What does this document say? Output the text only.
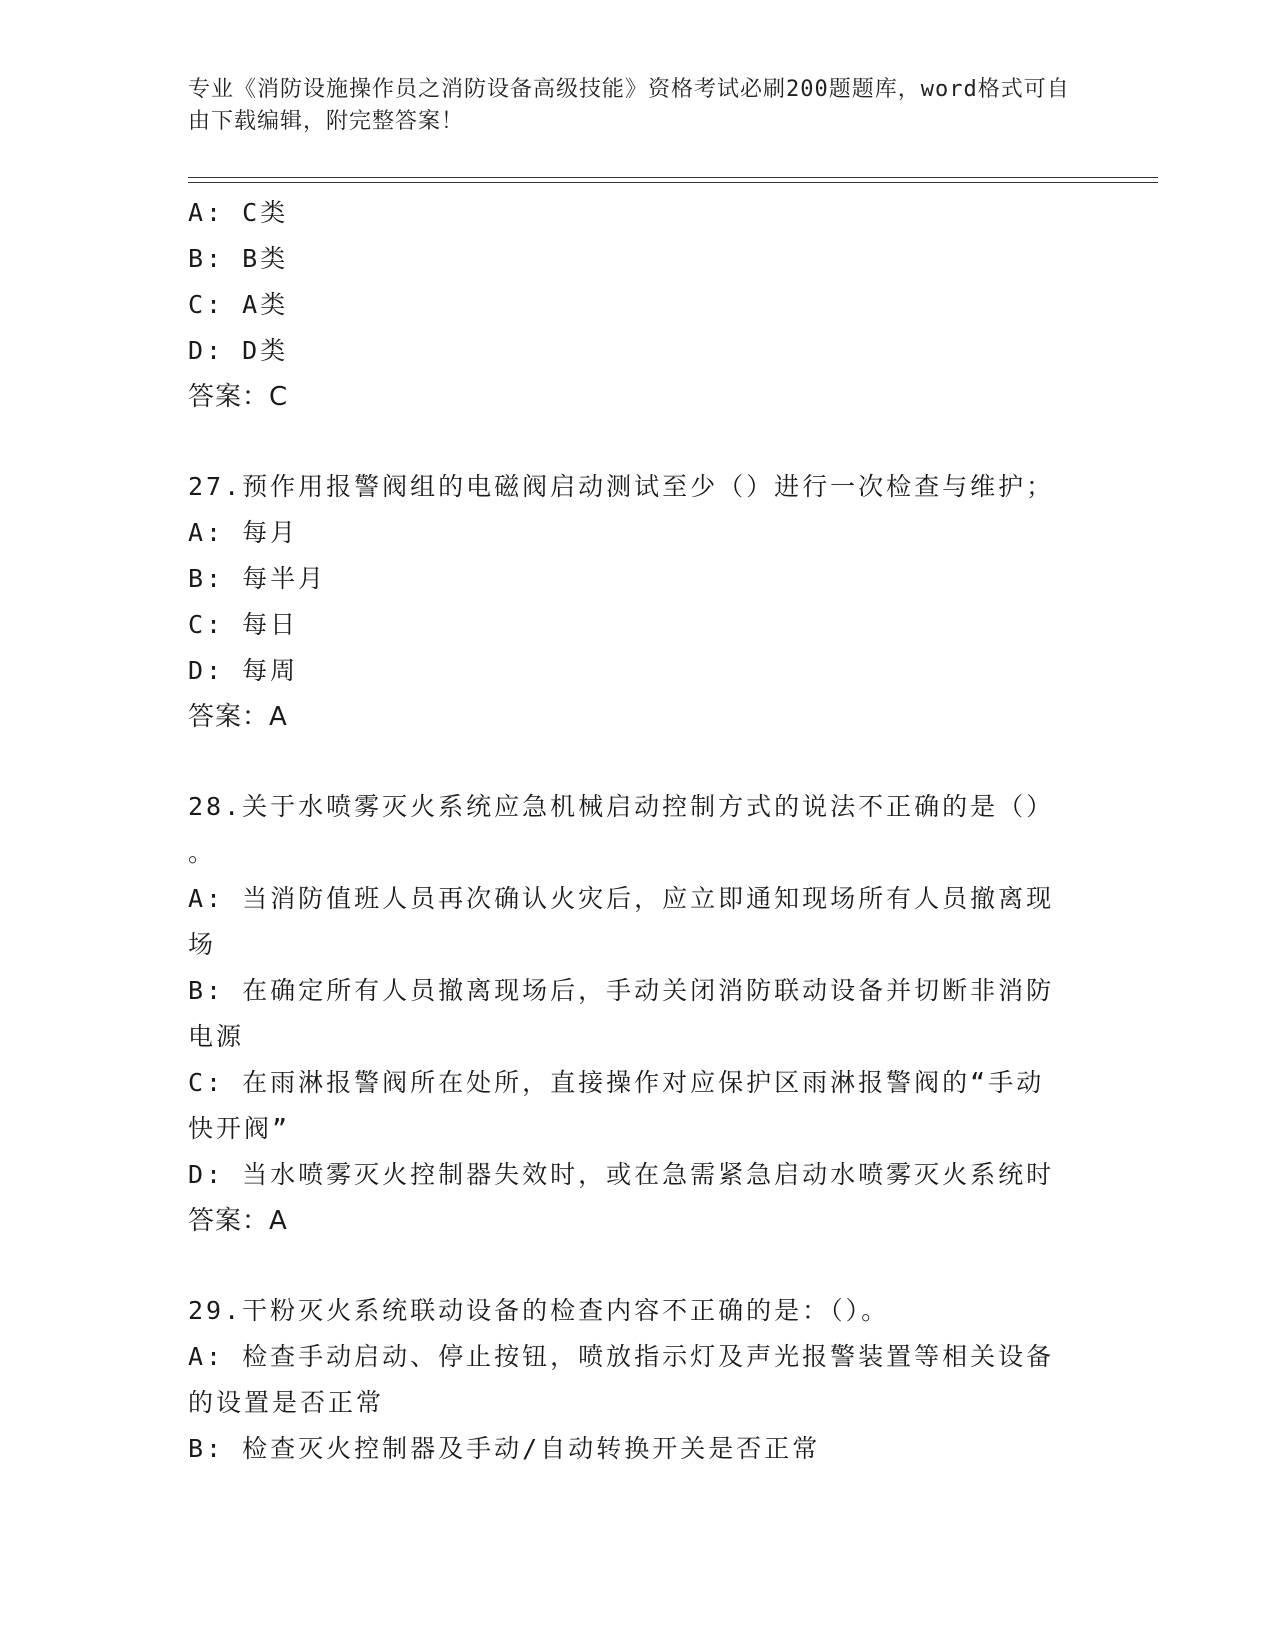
专业《消防设施操作员之消防设备高级技能》资格考试必刷200题题库，word格式可自由下载编辑，附完整答案！
A: C类
B: B类
C: A类
D: D类
答案：C
27.预作用报警阀组的电磁阀启动测试至少（）进行一次检查与维护；
A: 每月
B: 每半月
C: 每日
D: 每周
答案：A
28.关于水喷雾灭火系统应急机械启动控制方式的说法不正确的是（）
。
A: 当消防值班人员再次确认火灾后，应立即通知现场所有人员撤离现
场
B: 在确定所有人员撤离现场后，手动关闭消防联动设备并切断非消防
电源
C: 在雨淋报警阀所在处所，直接操作对应保护区雨淋报警阀的“手动
快开阀”
D: 当水喷雾灭火控制器失效时，或在急需紧急启动水喷雾灭火系统时
答案：A
29.干粉灭火系统联动设备的检查内容不正确的是：（）。
A: 检查手动启动、停止按钮，喷放指示灯及声光报警装置等相关设备
的设置是否正常
B: 检查灭火控制器及手动/自动转换开关是否正常
